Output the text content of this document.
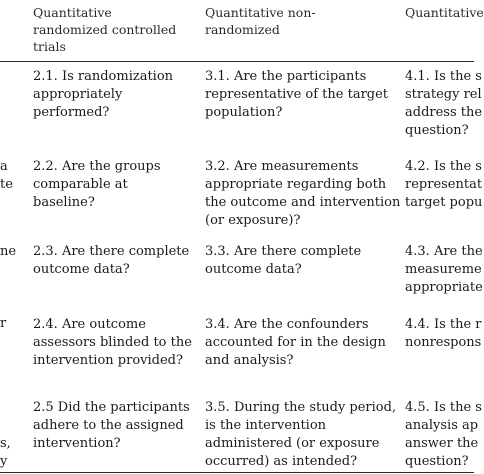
Quantitative
randomized controlled
trials
Quantitative non-
randomized
Quantitative
a
te
ne
r
s,
y
2.1. Is randomization
appropriately
performed?
3.1. Are the participants
representative of the target
population?
4.1. Is the s
strategy rel
address the
question?
2.2. Are the groups
comparable at
baseline?
3.2. Are measurements
appropriate regarding both
the outcome and intervention
(or exposure)?
4.2. Is the s
representat
target popu
2.3. Are there complete
outcome data?
3.3. Are there complete
outcome data?
4.3. Are the
measureme
appropriate
2.4. Are outcome
assessors blinded to the
intervention provided?
3.4. Are the confounders
accounted for in the design
and analysis?
4.4. Is the r
nonrespons
2.5 Did the participants
adhere to the assigned
intervention?
3.5. During the study period,
is the intervention
administered (or exposure
occurred) as intended?
4.5. Is the s
analysis ap
answer the
question?
